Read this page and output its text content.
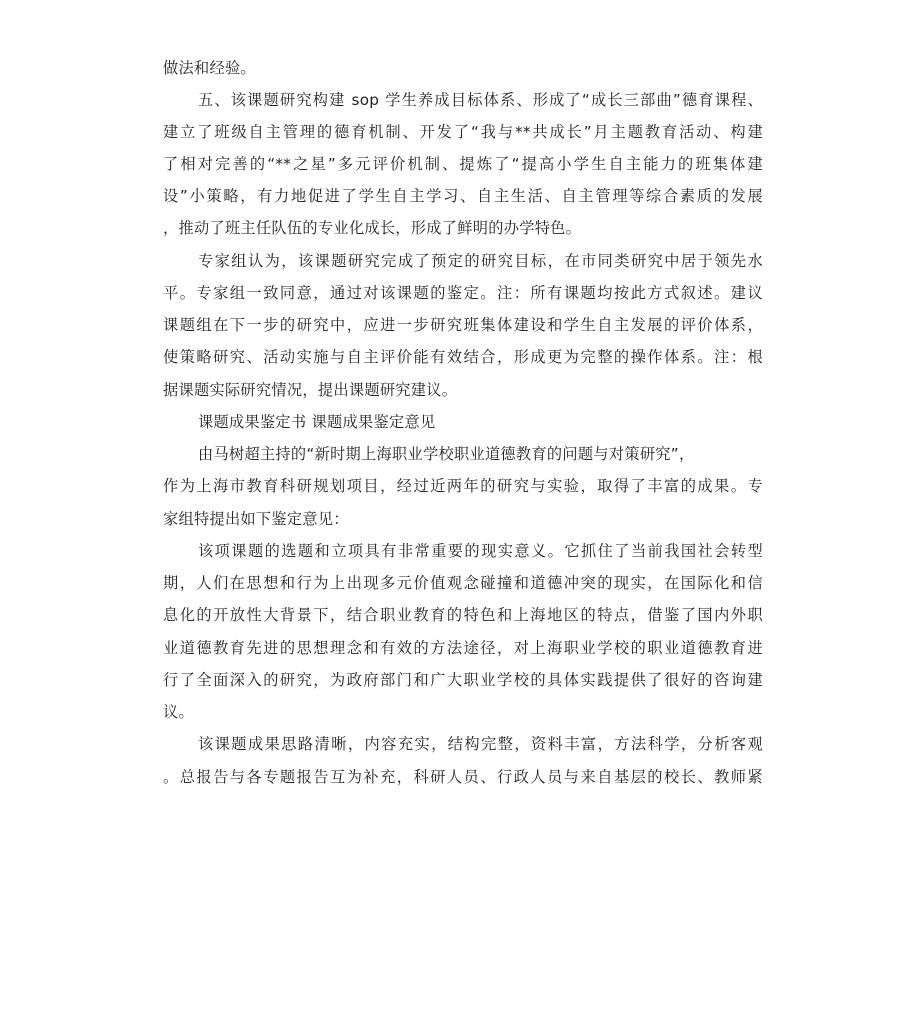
做法和经验。
五、该课题研究构建 sop 学生养成目标体系、形成了“成长三部曲”德育课程、
建立了班级自主管理的德育机制、开发了“我与**共成长”月主题教育活动、构建
了相对完善的“**之星”多元评价机制、提炼了“提高小学生自主能力的班集体建
设”小策略，有力地促进了学生自主学习、自主生活、自主管理等综合素质的发展
，推动了班主任队伍的专业化成长，形成了鲜明的办学特色。
专家组认为，该课题研究完成了预定的研究目标，在市同类研究中居于领先水
平。专家组一致同意，通过对该课题的鉴定。注：所有课题均按此方式叙述。建议
课题组在下一步的研究中，应进一步研究班集体建设和学生自主发展的评价体系，
使策略研究、活动实施与自主评价能有效结合，形成更为完整的操作体系。注：根
据课题实际研究情况，提出课题研究建议。
课题成果鉴定书 课题成果鉴定意见
由马树超主持的“新时期上海职业学校职业道德教育的问题与对策研究”，
作为上海市教育科研规划项目，经过近两年的研究与实验，取得了丰富的成果。专
家组特提出如下鉴定意见：
该项课题的选题和立项具有非常重要的现实意义。它抓住了当前我国社会转型
期，人们在思想和行为上出现多元价值观念碰撞和道德冲突的现实，在国际化和信
息化的开放性大背景下，结合职业教育的特色和上海地区的特点，借鉴了国内外职
业道德教育先进的思想理念和有效的方法途径，对上海职业学校的职业道德教育进
行了全面深入的研究，为政府部门和广大职业学校的具体实践提供了很好的咨询建
议。
该课题成果思路清晰，内容充实，结构完整，资料丰富，方法科学，分析客观
。总报告与各专题报告互为补充，科研人员、行政人员与来自基层的校长、教师紧
